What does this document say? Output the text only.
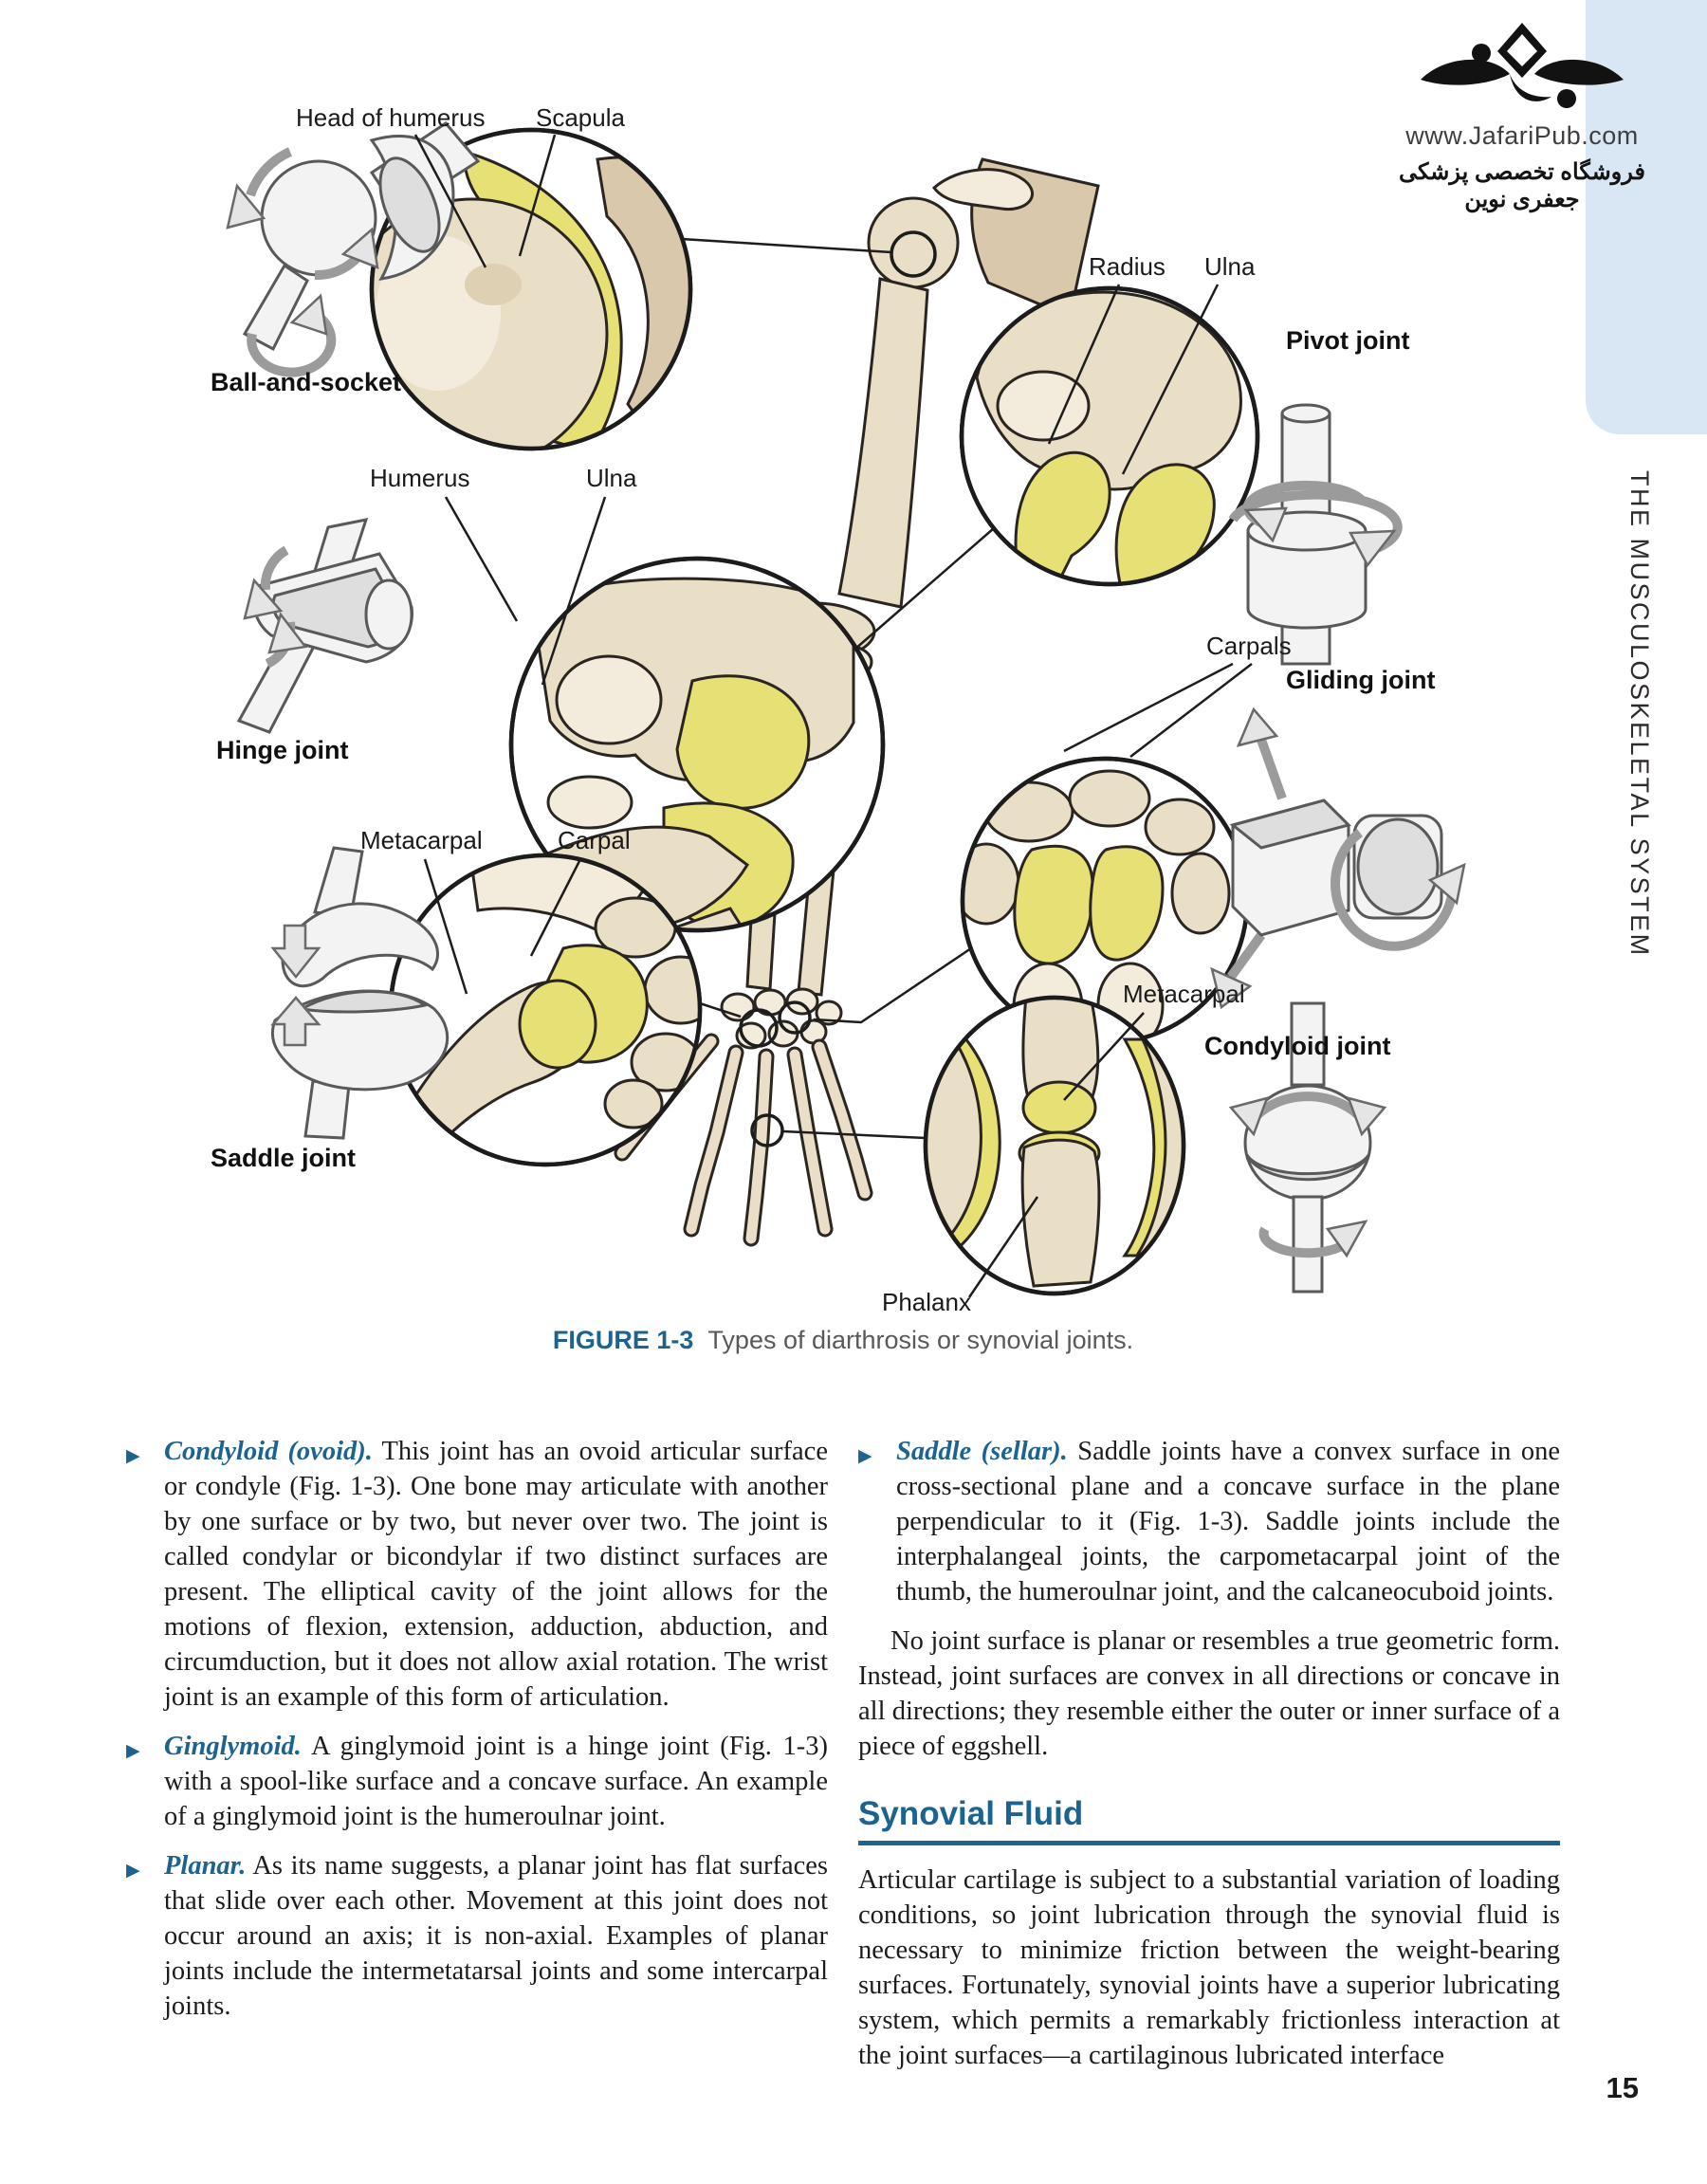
www.JafariPub.com
فروشگاه تخصصی پزشکی جعفری نوین
THE MUSCULOSKELETAL SYSTEM
Head of humerus Scapula
Ball-and-socket
Humerus	Ulna
Hinge joint
Metacarpal	Carpal
Saddle joint
Radius Ulna
Pivot joint
Carpals
Gliding joint
Metacarpal
Condyloid joint
Phalanx
FIGURE 1-3 Types of diarthrosis or synovial joints.
▶ Condyloid (ovoid). This joint has an ovoid articular surface or condyle (Fig. 1-3). One bone may articulate with another by one surface or by two, but never over two. The joint is called condylar or bicondylar if two distinct surfaces are present. The elliptical cavity of the joint allows for the motions of flexion, extension, adduction, abduction, and circumduction, but it does not allow axial rotation. The wrist joint is an example of this form of articulation.
▶ Ginglymoid. A ginglymoid joint is a hinge joint (Fig. 1-3) with a spool-like surface and a concave surface. An example of a ginglymoid joint is the humeroulnar joint.
▶ Planar. As its name suggests, a planar joint has flat surfaces that slide over each other. Movement at this joint does not occur around an axis; it is non-axial. Examples of planar joints include the intermetatarsal joints and some intercarpal joints.
▶ Saddle (sellar). Saddle joints have a convex surface in one cross-sectional plane and a concave surface in the plane perpendicular to it (Fig. 1-3). Saddle joints include the interphalangeal joints, the carpometacarpal joint of the thumb, the humeroulnar joint, and the calcaneocuboid joints.
No joint surface is planar or resembles a true geometric form. Instead, joint surfaces are convex in all directions or concave in all directions; they resemble either the outer or inner surface of a piece of eggshell.
Synovial Fluid
Articular cartilage is subject to a substantial variation of loading conditions, so joint lubrication through the synovial fluid is necessary to minimize friction between the weight-bearing surfaces. Fortunately, synovial joints have a superior lubricating system, which permits a remarkably frictionless interaction at the joint surfaces—a cartilaginous lubricated interface
15
